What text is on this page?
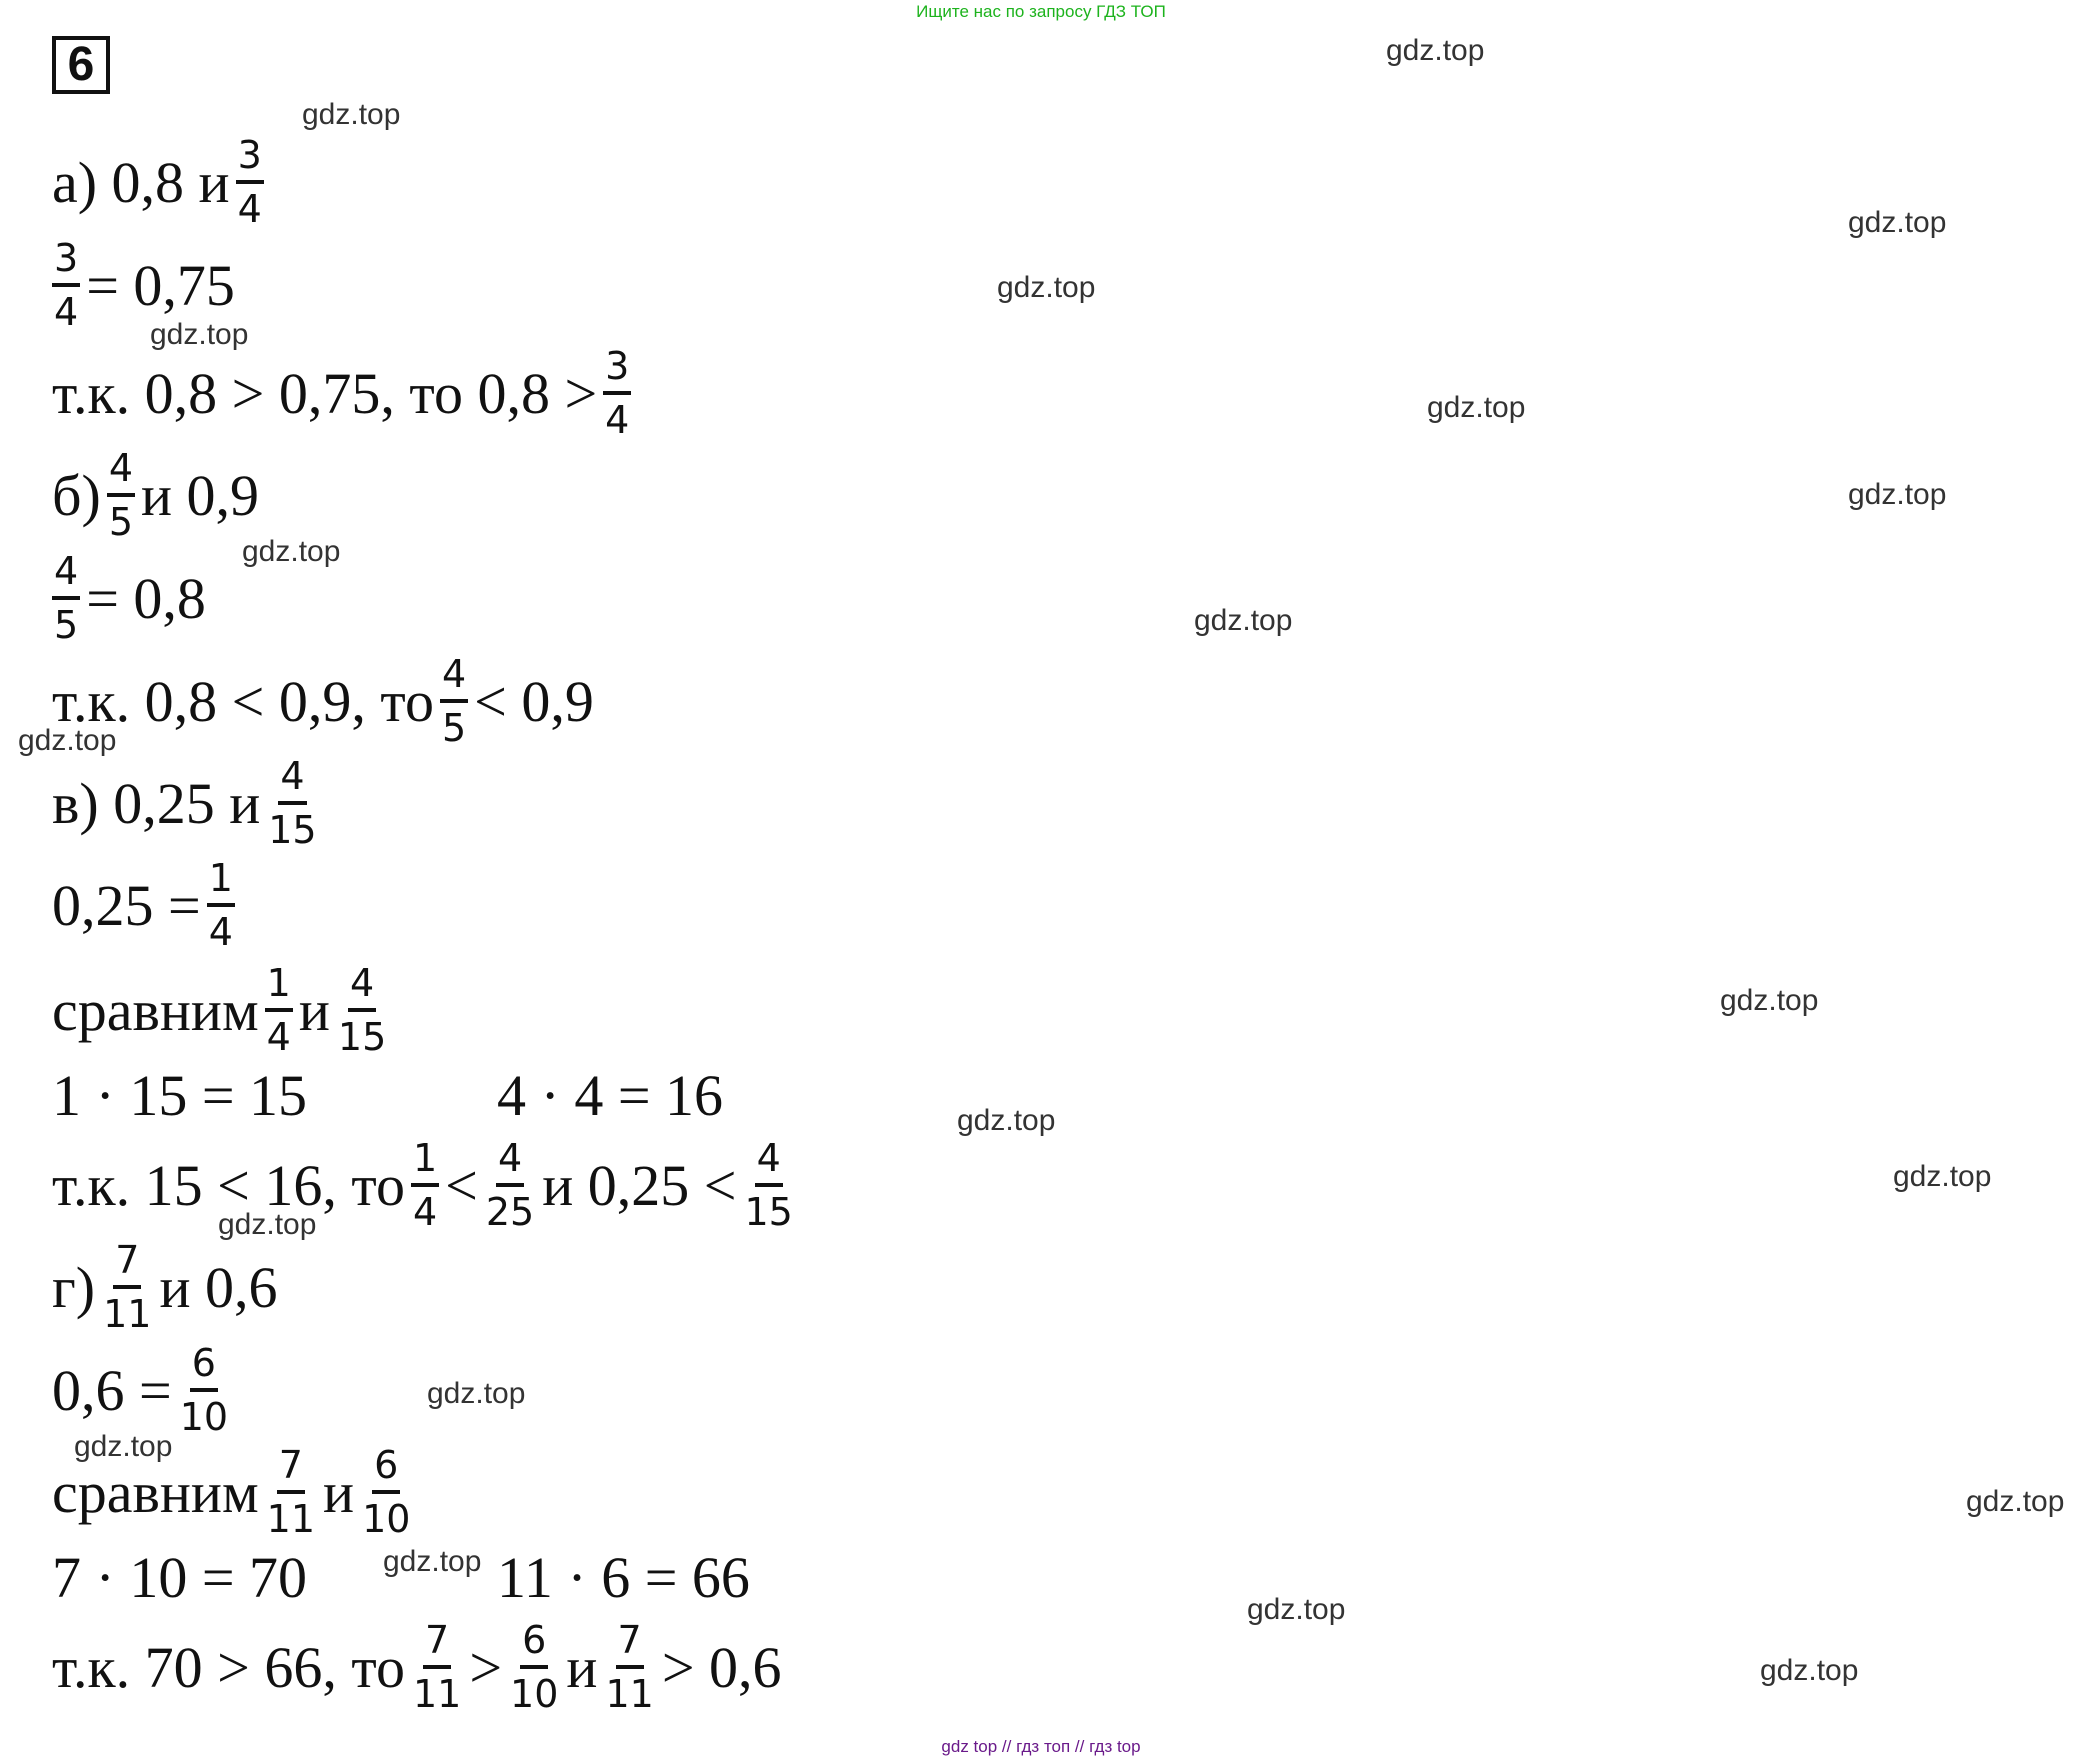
Ищите нас по запросу ГДЗ ТОП
6
а) 0,8 и $\frac{3}{4}$
$\frac{3}{4} = 0,75$
т.к. 0,8 > 0,75, то $0,8 > \frac{3}{4}$
$б) \frac{4}{5}$ и 0,9
$\frac{4}{5} = 0,8$
т.к. 0,8 < 0,9, то $\frac{4}{5} < 0,9$
в) 0,25 и $\frac{4}{15}$
$0,25 = \frac{1}{4}$
сравним $\frac{1}{4}$ и $\frac{4}{15}$
1 · 15 = 15	4 · 4 = 16
т.к. 15 < 16, то $\frac{1}{4} < \frac{4}{25}$ и $0,25 < \frac{4}{15}$
$г) \frac{7}{11}$ и 0,6
$0,6 = \frac{6}{10}$
сравним $\frac{7}{11}$ и $\frac{6}{10}$
7 · 10 = 70	11 · 6 = 66
т.к. 70 > 66, то $\frac{7}{11} > \frac{6}{10}$ и $\frac{7}{11} > 0,6$
gdz.top
gdz.top
gdz.top
gdz.top
gdz.top
gdz.top
gdz.top
gdz.top
gdz.top
gdz.top
gdz.top
gdz.top
gdz.top
gdz.top
gdz.top
gdz.top
gdz.top
gdz.top
gdz.top
gdz.top
gdz top // гдз топ // гдз top
